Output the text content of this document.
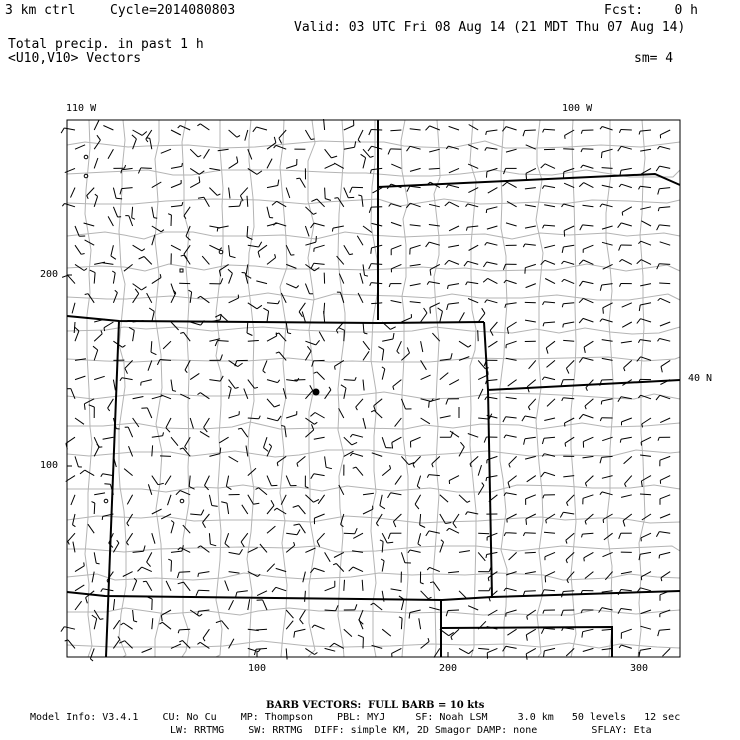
3 km ctrl	Cycle=2014080803	Fcst:    0 h
Valid: 03 UTC Fri 08 Aug 14 (21 MDT Thu 07 Aug 14)
Total precip. in past 1 h
<U10,V10> Vectors	sm= 4
110 W	100 W
40 N
200
100
100	200	300
BARB VECTORS:  FULL BARB = 10 kts
Model Info: V3.4.1    CU: No Cu    MP: Thompson    PBL: MYJ     SF: Noah LSM     3.0 km   50 levels   12 sec
LW: RRTMG    SW: RRTMG  DIFF: simple KM, 2D Smagor DAMP: none         SFLAY: Eta
